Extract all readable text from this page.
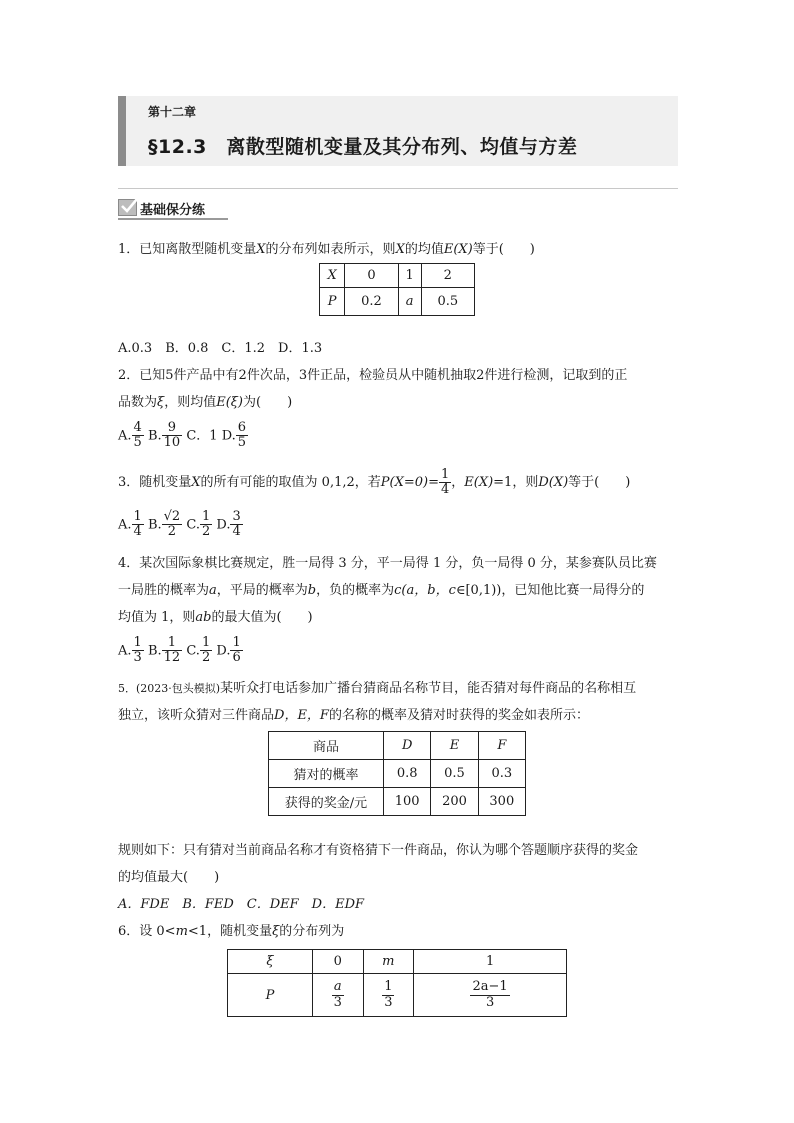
第十二章
§12.3　离散型随机变量及其分布列、均值与方差
基础保分练
1．已知离散型随机变量X的分布列如表所示，则X的均值E(X)等于(　　)
X	0	1	2
P	0.2	a	0.5
A.0.3　B．0.8　C．1.2　D．1.3
2．已知5件产品中有2件次品，3件正品，检验员从中随机抽取2件进行检测，记取到的正
品数为ξ，则均值E(ξ)为(　　)
A. $\frac{4}{5} B$. $\frac{9}{10}$ C．1 D. $\frac{6}{5}$
3．随机变量X的所有可能的取值为 0,1,2，若$P(X=0)= \frac{1}{4}$ ，E(X)=1，则D(X)等于(　　)
A. $\frac{1}{4} B$. $\frac{√2}{2} C$. $\frac{1}{2} D$. $\frac{3}{4}$
4．某次国际象棋比赛规定，胜一局得 3 分，平一局得 1 分，负一局得 0 分，某参赛队员比赛
一局胜的概率为a，平局的概率为b，负的概率为c(a，b，c∈[0,1))，已知他比赛一局得分的
均值为 1，则ab的最大值为(　　)
A. $\frac{1}{3} B$. $\frac{1}{12} C$. $\frac{1}{2} D$. $\frac{1}{6}$
5．(2023·包头模拟)某听众打电话参加广播台猜商品名称节目，能否猜对每件商品的名称相互
独立，该听众猜对三件商品D，E，F的名称的概率及猜对时获得的奖金如表所示：
商品	D	E	F
猜对的概率	0.8	0.5	0.3
获得的奖金/元	100	200	300
规则如下：只有猜对当前商品名称才有资格猜下一件商品，你认为哪个答题顺序获得的奖金
的均值最大(　　)
A．FDE　B．FED　C．DEF　D．EDF
6．设 0<m<1，随机变量ξ的分布列为
ξ	0	m	1
P	$\frac{a}{3}$	$\frac{1}{3}$	$\frac{2a-1}{3}$
